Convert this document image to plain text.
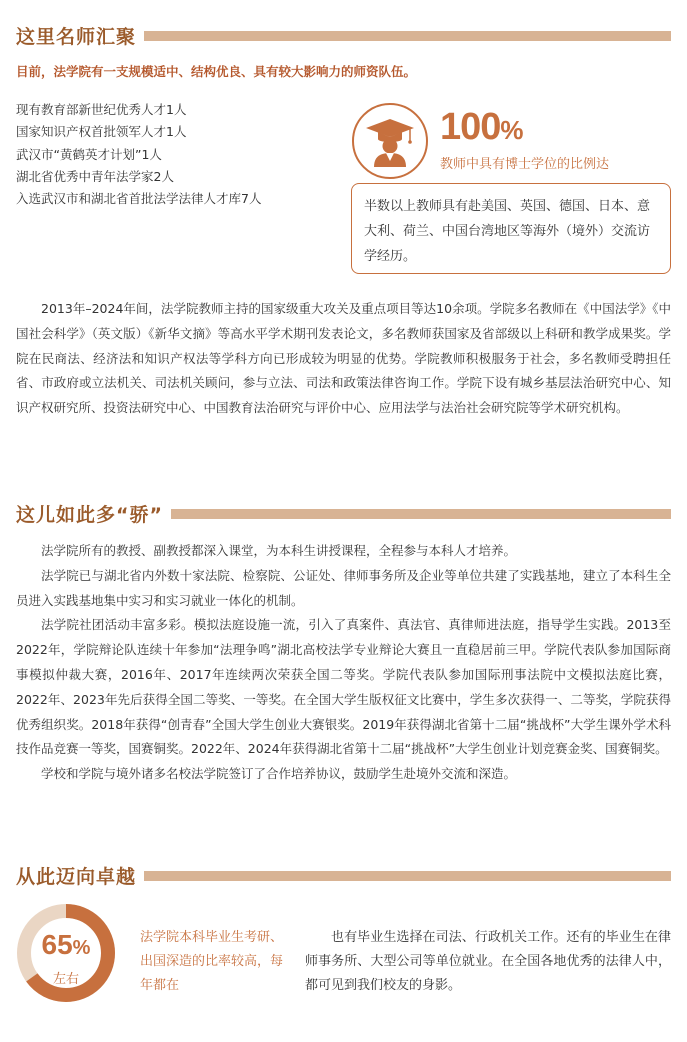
这里名师汇聚
目前，法学院有一支规模适中、结构优良、具有较大影响力的师资队伍。
现有教育部新世纪优秀人才1人
国家知识产权首批领军人才1人
武汉市“黄鹤英才计划”1人
湖北省优秀中青年法学家2人
入选武汉市和湖北省首批法学法律人才库7人
100%
教师中具有博士学位的比例达
半数以上教师具有赴美国、英国、德国、日本、意大利、荷兰、中国台湾地区等海外（境外）交流访学经历。

2013年–2024年间，法学院教师主持的国家级重大攻关及重点项目等达10余项。学院多名教师在《中国法学》《中国社会科学》（英文版）《新华文摘》等高水平学术期刊发表论文，多名教师获国家及省部级以上科研和教学成果奖。学院在民商法、经济法和知识产权法等学科方向已形成较为明显的优势。学院教师积极服务于社会，多名教师受聘担任省、市政府或立法机关、司法机关顾问，参与立法、司法和政策法律咨询工作。学院下设有城乡基层法治研究中心、知识产权研究所、投资法研究中心、中国教育法治研究与评价中心、应用法学与法治社会研究院等学术研究机构。

这儿如此多“骄”

法学院所有的教授、副教授都深入课堂，为本科生讲授课程，全程参与本科人才培养。

法学院已与湖北省内外数十家法院、检察院、公证处、律师事务所及企业等单位共建了实践基地，建立了本科生全员进入实践基地集中实习和实习就业一体化的机制。

法学院社团活动丰富多彩。模拟法庭设施一流，引入了真案件、真法官、真律师进法庭，指导学生实践。2013至2022年，学院辩论队连续十年参加“法理争鸣”湖北高校法学专业辩论大赛且一直稳居前三甲。学院代表队参加国际商事模拟仲裁大赛，2016年、2017年连续两次荣获全国二等奖。学院代表队参加国际刑事法院中文模拟法庭比赛，2022年、2023年先后获得全国二等奖、一等奖。在全国大学生版权征文比赛中，学生多次获得一、二等奖，学院获得优秀组织奖。2018年获得“创青春”全国大学生创业大赛银奖。2019年获得湖北省第十二届“挑战杯”大学生课外学术科技作品竞赛一等奖，国赛铜奖。2022年、2024年获得湖北省第十二届“挑战杯”大学生创业计划竞赛金奖、国赛铜奖。

学校和学院与境外诸多名校法学院签订了合作培养协议，鼓励学生赴境外交流和深造。

从此迈向卓越
65%
左右
法学院本科毕业生考研、出国深造的比率较高，每年都在
也有毕业生选择在司法、行政机关工作。还有的毕业生在律师事务所、大型公司等单位就业。在全国各地优秀的法律人中，都可见到我们校友的身影。
